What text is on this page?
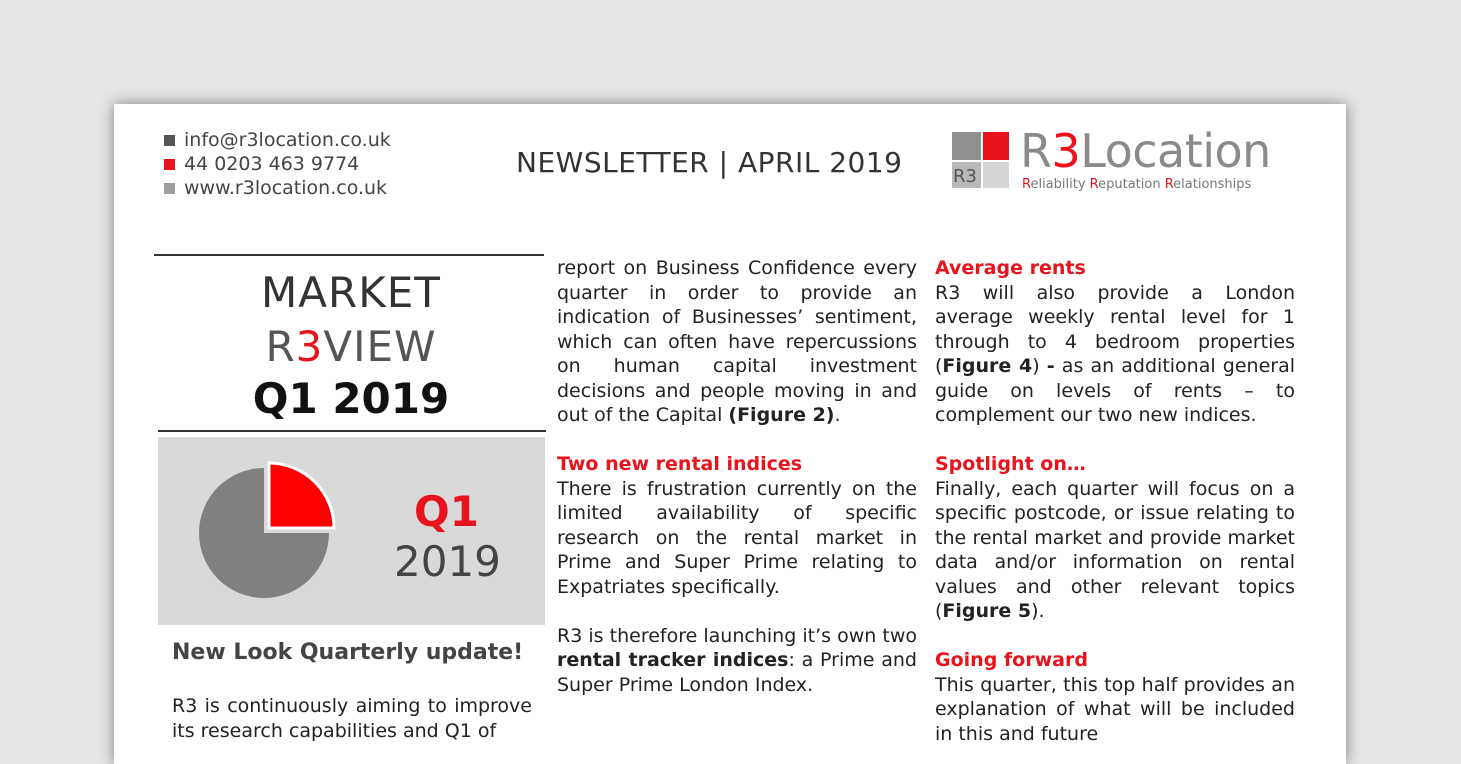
info@r3location.co.uk
44 0203 463 9774
www.r3location.co.uk
NEWSLETTER | APRIL 2019	R3 R3Location
Reliability Reputation Relationships
MARKET
R3VIEW
Q1 2019
Q1
2019
New Look Quarterly update!
R3 is continuously aiming to improve its research capabilities and Q1 of

report on Business Confidence every quarter in order to provide an indication of Businesses’ sentiment, which can often have repercussions on human capital investment decisions and people moving in and out of the Capital (Figure 2).

Two new rental indices

There is frustration currently on the limited availability of specific research on the rental market in Prime and Super Prime relating to Expatriates specifically.

R3 is therefore launching it’s own two rental tracker indices: a Prime and Super Prime London Index.

Average rents

R3 will also provide a London average weekly rental level for 1 through to 4 bedroom properties (Figure 4) - as an additional general guide on levels of rents – to complement our two new indices.

Spotlight on…

Finally, each quarter will focus on a specific postcode, or issue relating to the rental market and provide market data and/or information on rental values and other relevant topics (Figure 5).

Going forward

This quarter, this top half provides an explanation of what will be included in this and future
